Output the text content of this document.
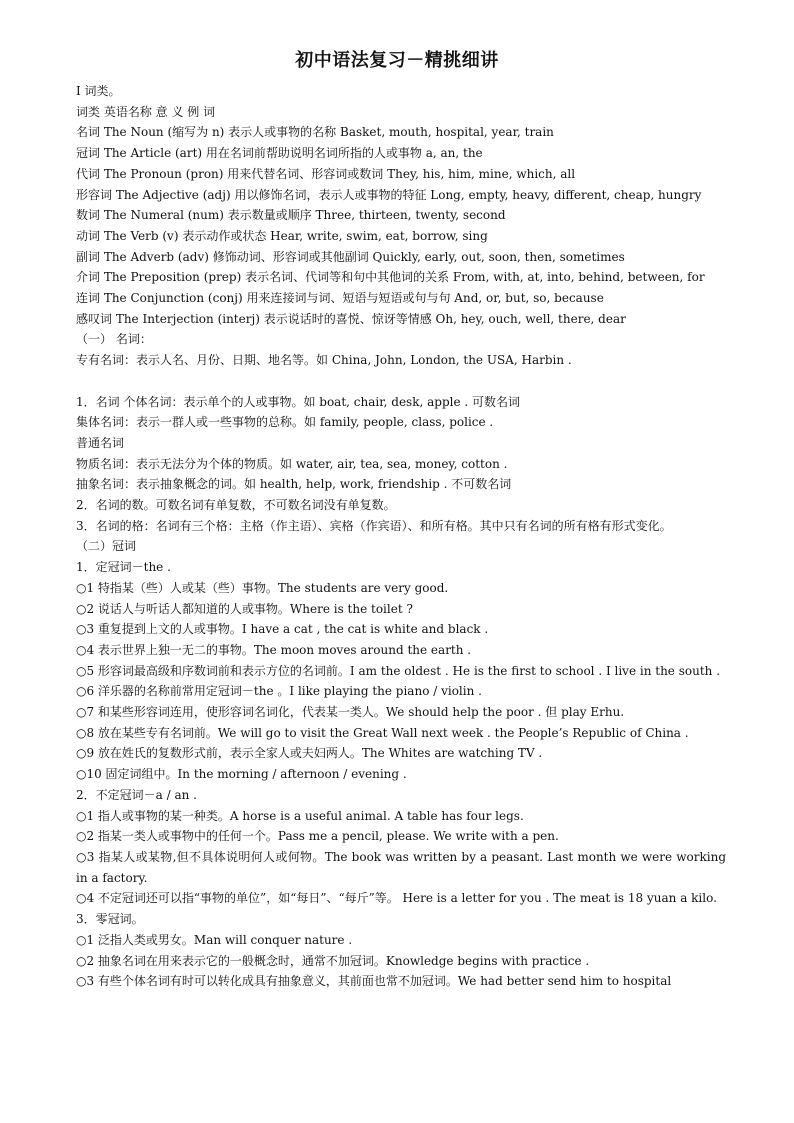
初中语法复习－精挑细讲
Ⅰ 词类。
词类 英语名称 意 义 例 词
名词 The Noun (缩写为 n) 表示人或事物的名称 Basket, mouth, hospital, year, train
冠词 The Article (art) 用在名词前帮助说明名词所指的人或事物 a, an, the
代词 The Pronoun (pron) 用来代替名词、形容词或数词 They, his, him, mine, which, all
形容词 The Adjective (adj) 用以修饰名词，表示人或事物的特征 Long, empty, heavy, different, cheap, hungry
数词 The Numeral (num) 表示数量或顺序 Three, thirteen, twenty, second
动词 The Verb (v) 表示动作或状态 Hear, write, swim, eat, borrow, sing
副词 The Adverb (adv) 修饰动词、形容词或其他副词 Quickly, early, out, soon, then, sometimes
介词 The Preposition (prep) 表示名词、代词等和句中其他词的关系 From, with, at, into, behind, between, for
连词 The Conjunction (conj) 用来连接词与词、短语与短语或句与句 And, or, but, so, because
感叹词 The Interjection (interj) 表示说话时的喜悦、惊讶等情感 Oh, hey, ouch, well, there, dear
（一） 名词：
专有名词：表示人名、月份、日期、地名等。如 China, John, London, the USA, Harbin .
1．名词 个体名词：表示单个的人或事物。如 boat, chair, desk, apple . 可数名词
集体名词：表示一群人或一些事物的总称。如 family, people, class, police .
普通名词
物质名词：表示无法分为个体的物质。如 water, air, tea, sea, money, cotton .
抽象名词：表示抽象概念的词。如 health, help, work, friendship . 不可数名词
2．名词的数。可数名词有单复数，不可数名词没有单复数。
3．名词的格：名词有三个格：主格（作主语）、宾格（作宾语）、和所有格。其中只有名词的所有格有形式变化。
（二）冠词
1．定冠词－the .
○1 特指某（些）人或某（些）事物。The students are very good.
○2 说话人与听话人都知道的人或事物。Where is the toilet ?
○3 重复提到上文的人或事物。I have a cat , the cat is white and black .
○4 表示世界上独一无二的事物。The moon moves around the earth .
○5 形容词最高级和序数词前和表示方位的名词前。I am the oldest . He is the first to school . I live in the south .
○6 洋乐器的名称前常用定冠词－the 。I like playing the piano / violin .
○7 和某些形容词连用，使形容词名词化，代表某一类人。We should help the poor . 但 play Erhu.
○8 放在某些专有名词前。We will go to visit the Great Wall next week . the People’s Republic of China .
○9 放在姓氏的复数形式前，表示全家人或夫妇两人。The Whites are watching TV .
○10 固定词组中。In the morning / afternoon / evening .
2．不定冠词－a / an .
○1 指人或事物的某一种类。A horse is a useful animal. A table has four legs.
○2 指某一类人或事物中的任何一个。Pass me a pencil, please. We write with a pen.
○3 指某人或某物,但不具体说明何人或何物。The book was written by a peasant. Last month we were working in a factory.
○4 不定冠词还可以指“事物的单位”，如“每日”、“每斤”等。 Here is a letter for you . The meat is 18 yuan a kilo.
3．零冠词。
○1 泛指人类或男女。Man will conquer nature .
○2 抽象名词在用来表示它的一般概念时，通常不加冠词。Knowledge begins with practice .
○3 有些个体名词有时可以转化成具有抽象意义，其前面也常不加冠词。We had better send him to hospital
